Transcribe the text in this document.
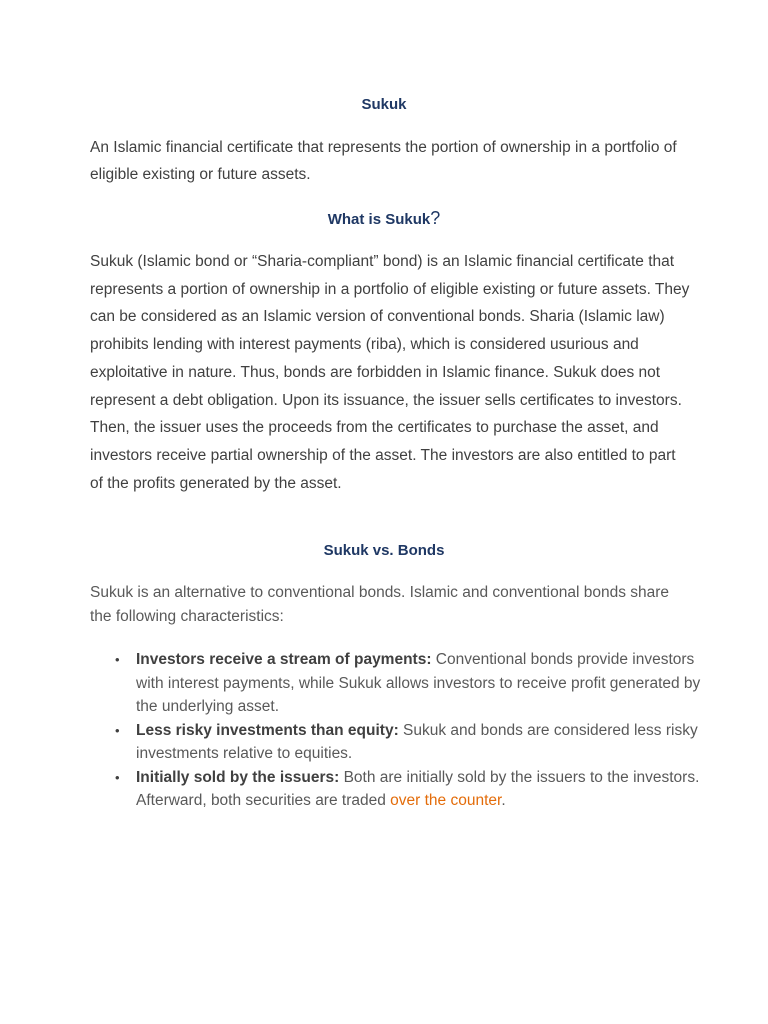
Sukuk

An Islamic financial certificate that represents the portion of ownership in a portfolio of eligible existing or future assets.

What is Sukuk?

Sukuk (Islamic bond or “Sharia-compliant” bond) is an Islamic financial certificate that represents a portion of ownership in a portfolio of eligible existing or future assets. They can be considered as an Islamic version of conventional bonds. Sharia (Islamic law) prohibits lending with interest payments (riba), which is considered usurious and exploitative in nature. Thus, bonds are forbidden in Islamic finance. Sukuk does not represent a debt obligation. Upon its issuance, the issuer sells certificates to investors. Then, the issuer uses the proceeds from the certificates to purchase the asset, and investors receive partial ownership of the asset. The investors are also entitled to part of the profits generated by the asset.

Sukuk vs. Bonds

Sukuk is an alternative to conventional bonds. Islamic and conventional bonds share the following characteristics:

• Investors receive a stream of payments: Conventional bonds provide investors with interest payments, while Sukuk allows investors to receive profit generated by the underlying asset.
• Less risky investments than equity: Sukuk and bonds are considered less risky investments relative to equities.
• Initially sold by the issuers: Both are initially sold by the issuers to the investors. Afterward, both securities are traded over the counter.
